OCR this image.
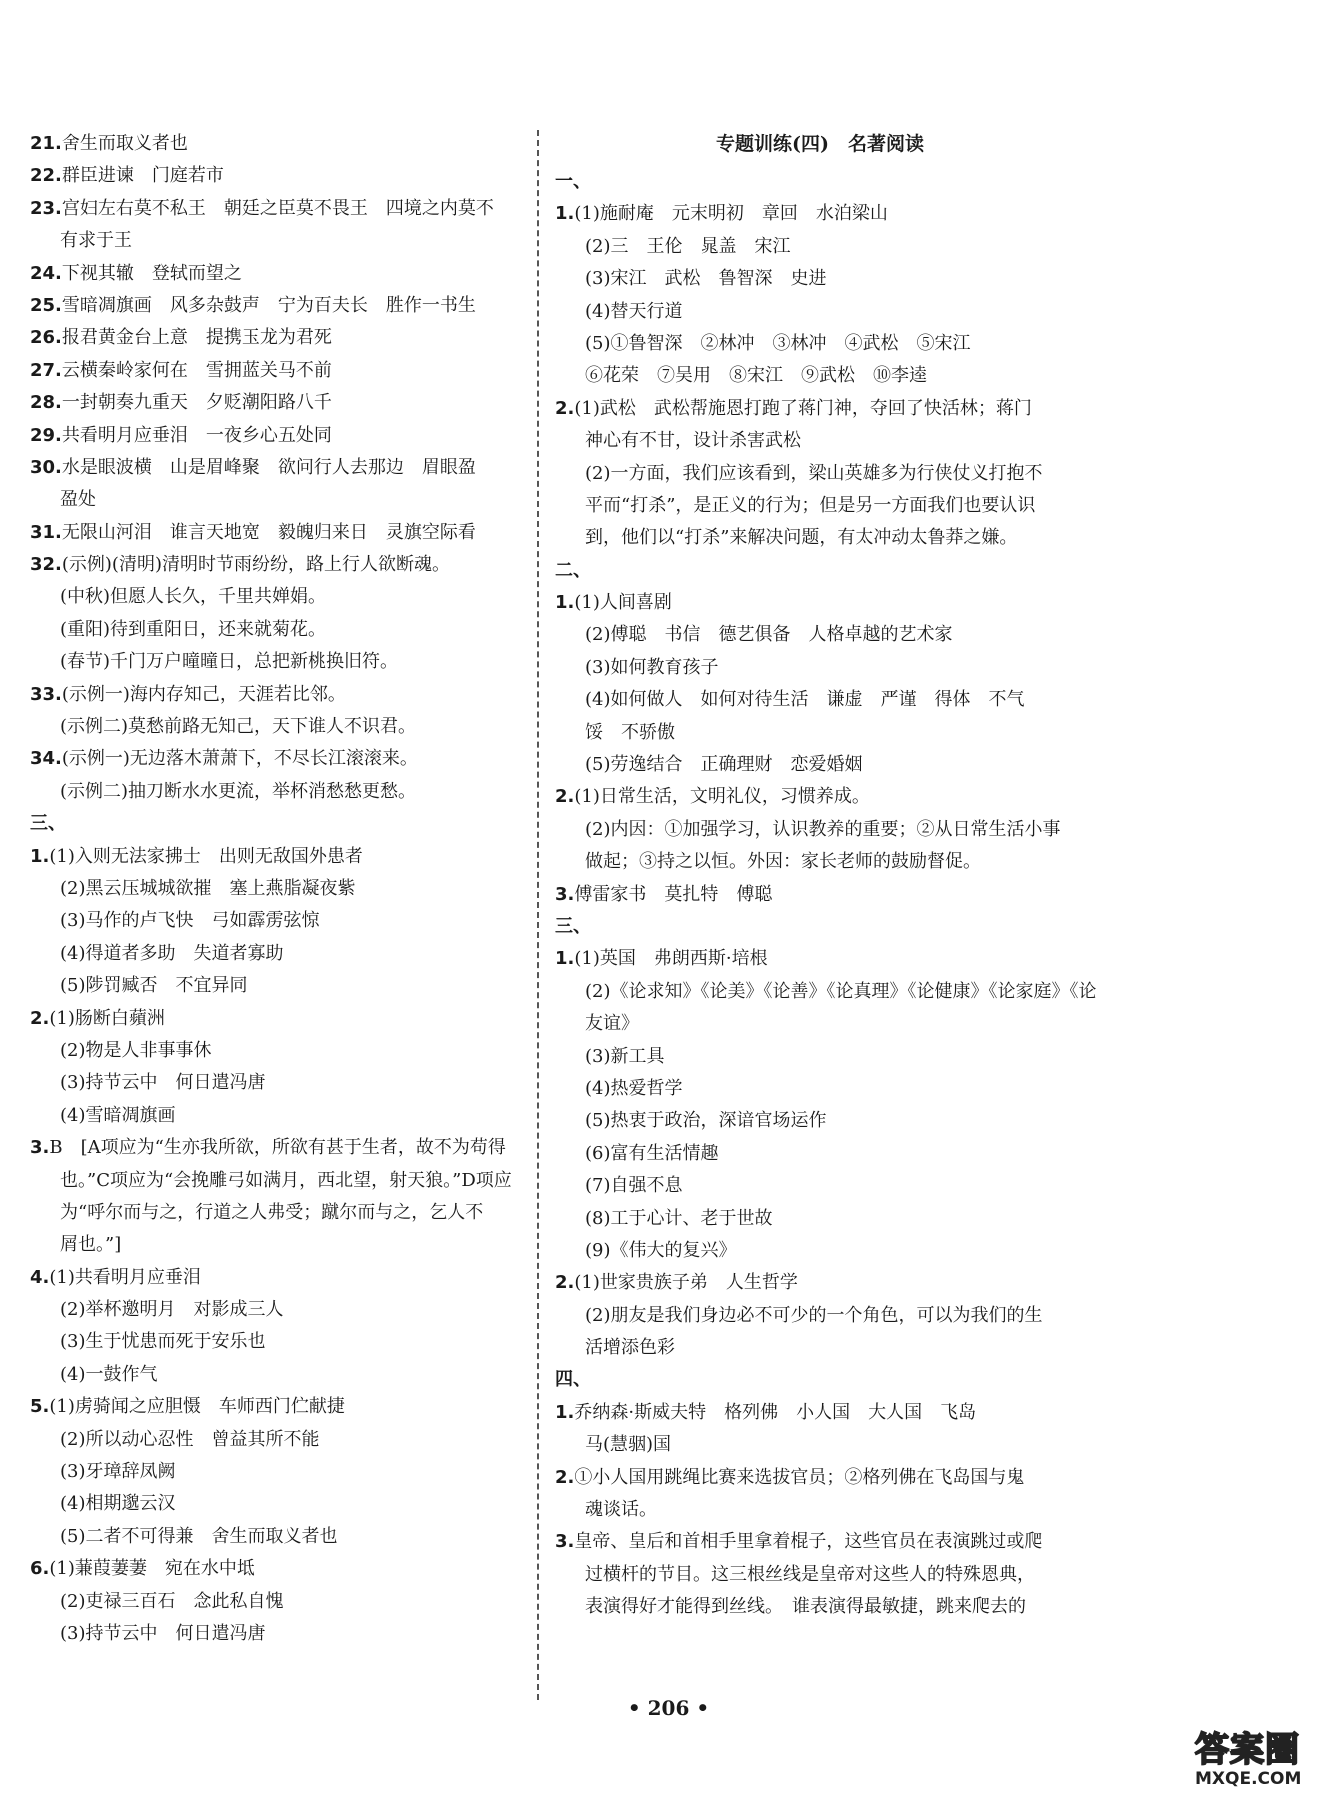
21.舍生而取义者也
22.群臣进谏　门庭若市
23.宫妇左右莫不私王　朝廷之臣莫不畏王　四境之内莫不
有求于王
24.下视其辙　登轼而望之
25.雪暗凋旗画　风多杂鼓声　宁为百夫长　胜作一书生
26.报君黄金台上意　提携玉龙为君死
27.云横秦岭家何在　雪拥蓝关马不前
28.一封朝奏九重天　夕贬潮阳路八千
29.共看明月应垂泪　一夜乡心五处同
30.水是眼波横　山是眉峰聚　欲问行人去那边　眉眼盈
盈处
31.无限山河泪　谁言天地宽　毅魄归来日　灵旗空际看
32.(示例)(清明)清明时节雨纷纷，路上行人欲断魂。
(中秋)但愿人长久，千里共婵娟。
(重阳)待到重阳日，还来就菊花。
(春节)千门万户曈曈日，总把新桃换旧符。
33.(示例一)海内存知己，天涯若比邻。
(示例二)莫愁前路无知己，天下谁人不识君。
34.(示例一)无边落木萧萧下，不尽长江滚滚来。
(示例二)抽刀断水水更流，举杯消愁愁更愁。
三、
1.(1)入则无法家拂士　出则无敌国外患者
(2)黑云压城城欲摧　塞上燕脂凝夜紫
(3)马作的卢飞快　弓如霹雳弦惊
(4)得道者多助　失道者寡助
(5)陟罚臧否　不宜异同
2.(1)肠断白蘋洲
(2)物是人非事事休
(3)持节云中　何日遣冯唐
(4)雪暗凋旗画
3.B　[A项应为“生亦我所欲，所欲有甚于生者，故不为苟得
也。”C项应为“会挽雕弓如满月，西北望，射天狼。”D项应
为“呼尔而与之，行道之人弗受；蹴尔而与之，乞人不
屑也。”]
4.(1)共看明月应垂泪
(2)举杯邀明月　对影成三人
(3)生于忧患而死于安乐也
(4)一鼓作气
5.(1)虏骑闻之应胆慑　车师西门伫献捷
(2)所以动心忍性　曾益其所不能
(3)牙璋辞凤阙
(4)相期邈云汉
(5)二者不可得兼　舍生而取义者也
6.(1)蒹葭萋萋　宛在水中坻
(2)吏禄三百石　念此私自愧
(3)持节云中　何日遣冯唐
专题训练(四)　名著阅读
一、
1.(1)施耐庵　元末明初　章回　水泊梁山
(2)三　王伦　晁盖　宋江
(3)宋江　武松　鲁智深　史进
(4)替天行道
(5)①鲁智深　②林冲　③林冲　④武松　⑤宋江
⑥花荣　⑦吴用　⑧宋江　⑨武松　⑩李逵
2.(1)武松　武松帮施恩打跑了蒋门神，夺回了快活林；蒋门
神心有不甘，设计杀害武松
(2)一方面，我们应该看到，梁山英雄多为行侠仗义打抱不
平而“打杀”，是正义的行为；但是另一方面我们也要认识
到，他们以“打杀”来解决问题，有太冲动太鲁莽之嫌。
二、
1.(1)人间喜剧
(2)傅聪　书信　德艺俱备　人格卓越的艺术家
(3)如何教育孩子
(4)如何做人　如何对待生活　谦虚　严谨　得体　不气
馁　不骄傲
(5)劳逸结合　正确理财　恋爱婚姻
2.(1)日常生活，文明礼仪，习惯养成。
(2)内因：①加强学习，认识教养的重要；②从日常生活小事
做起；③持之以恒。外因：家长老师的鼓励督促。
3.傅雷家书　莫扎特　傅聪
三、
1.(1)英国　弗朗西斯·培根
(2)《论求知》《论美》《论善》《论真理》《论健康》《论家庭》《论
友谊》
(3)新工具
(4)热爱哲学
(5)热衷于政治，深谙官场运作
(6)富有生活情趣
(7)自强不息
(8)工于心计、老于世故
(9)《伟大的复兴》
2.(1)世家贵族子弟　人生哲学
(2)朋友是我们身边必不可少的一个角色，可以为我们的生
活增添色彩
四、
1.乔纳森·斯威夫特　格列佛　小人国　大人国　飞岛
马(慧骃)国
2.①小人国用跳绳比赛来选拔官员；②格列佛在飞岛国与鬼
魂谈话。
3.皇帝、皇后和首相手里拿着棍子，这些官员在表演跳过或爬
过横杆的节目。这三根丝线是皇帝对这些人的特殊恩典，
表演得好才能得到丝线。　谁表演得最敏捷，跳来爬去的
• 206 •
答案圈
MXQE.COM
